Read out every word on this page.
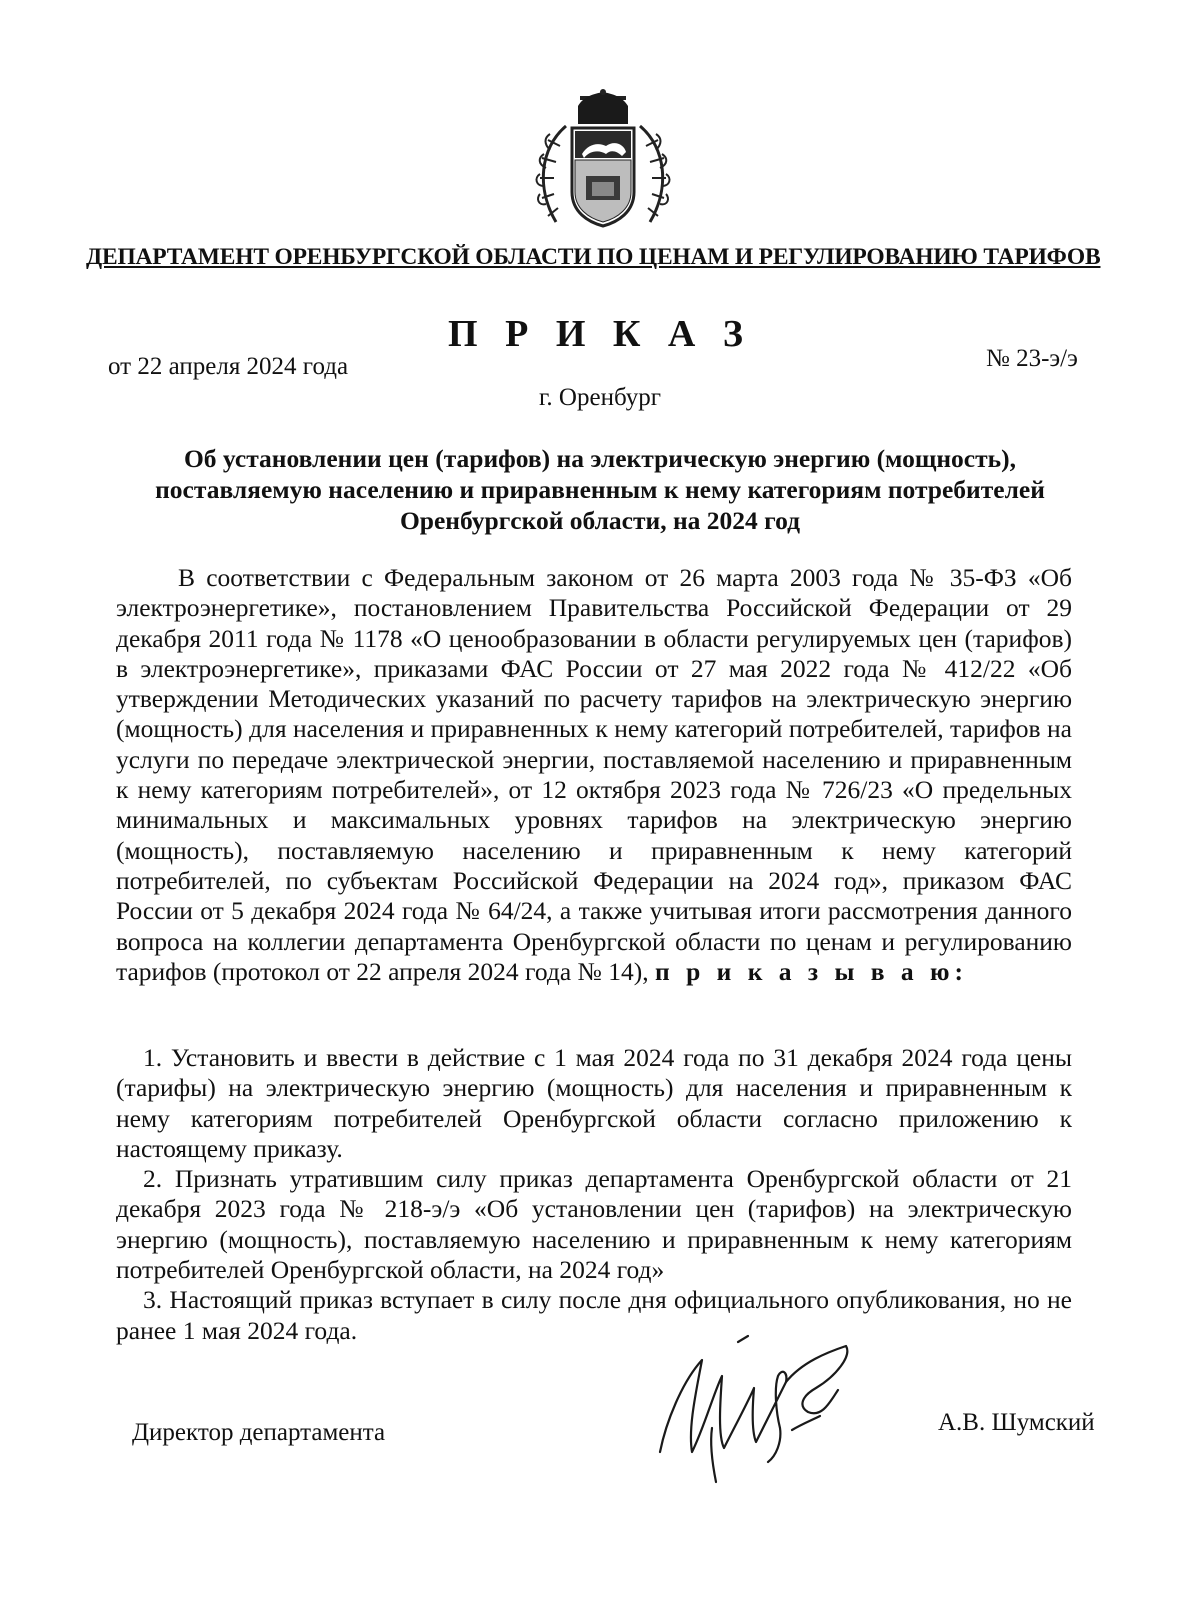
ДЕПАРТАМЕНТ ОРЕНБУРГСКОЙ ОБЛАСТИ ПО ЦЕНАМ И РЕГУЛИРОВАНИЮ ТАРИФОВ
П Р И К А З
от 22 апреля 2024 года	№ 23-э/э
г. Оренбург
Об установлении цен (тарифов) на электрическую энергию (мощность),
поставляемую населению и приравненным к нему категориям потребителей
Оренбургской области, на 2024 год
В соответствии с Федеральным законом от 26 марта 2003 года № 35-ФЗ «Об электроэнергетике», постановлением Правительства Российской Федерации от 29 декабря 2011 года № 1178 «О ценообразовании в области регулируемых цен (тарифов) в электроэнергетике», приказами ФАС России от 27 мая 2022 года № 412/22 «Об утверждении Методических указаний по расчету тарифов на электрическую энергию (мощность) для населения и приравненных к нему категорий потребителей, тарифов на услуги по передаче электрической энергии, поставляемой населению и приравненным к нему категориям потребителей», от 12 октября 2023 года № 726/23 «О предельных минимальных и максимальных уровнях тарифов на электрическую энергию (мощность), поставляемую населению и приравненным к нему категорий потребителей, по субъектам Российской Федерации на 2024 год», приказом ФАС России от 5 декабря 2024 года № 64/24, а также учитывая итоги рассмотрения данного вопроса на коллегии департамента Оренбургской области по ценам и регулированию тарифов (протокол от 22 апреля 2024 года № 14), п р и к а з ы в а ю:
1. Установить и ввести в действие с 1 мая 2024 года по 31 декабря 2024 года цены (тарифы) на электрическую энергию (мощность) для населения и приравненным к нему категориям потребителей Оренбургской области согласно приложению к настоящему приказу.
2. Признать утратившим силу приказ департамента Оренбургской области от 21 декабря 2023 года № 218-э/э «Об установлении цен (тарифов) на электрическую энергию (мощность), поставляемую населению и приравненным к нему категориям потребителей Оренбургской области, на 2024 год»
3. Настоящий приказ вступает в силу после дня официального опубликования, но не ранее 1 мая 2024 года.
Директор департамента	А.В. Шумский
